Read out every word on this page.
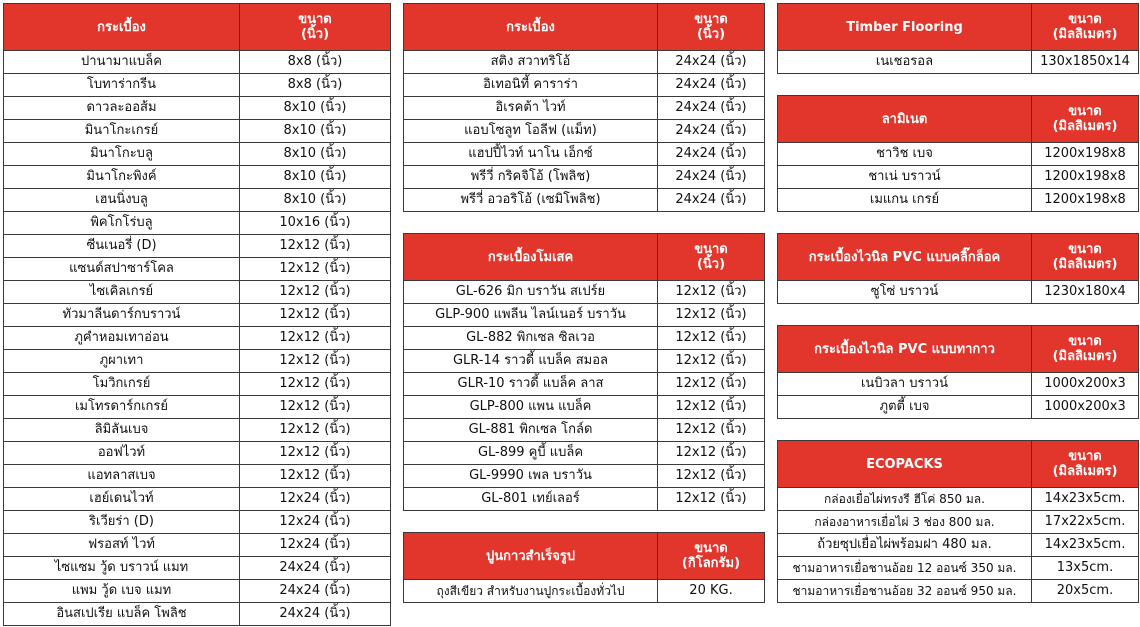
กระเบื้อง	ขนาด
(นิ้ว)
ปานามาแบล็ค	8x8 (นิ้ว)
โบทาร่ากรีน	8x8 (นิ้ว)
ดาวละออส้ม	8x10 (นิ้ว)
มินาโกะเกรย์	8x10 (นิ้ว)
มินาโกะบลู	8x10 (นิ้ว)
มินาโกะพิงค์	8x10 (นิ้ว)
เฮนนิ่งบลู	8x10 (นิ้ว)
พิคโกโร่บลู	10x16 (นิ้ว)
ซีนเนอรี่ (D)	12x12 (นิ้ว)
แซนด์สปาซาร์โคล	12x12 (นิ้ว)
ไซเคิลเกรย์	12x12 (นิ้ว)
ทัวมาลีนดาร์กบราวน์	12x12 (นิ้ว)
ภูคำหอมเทาอ่อน	12x12 (นิ้ว)
ภูผาเทา	12x12 (นิ้ว)
โมวิกเกรย์	12x12 (นิ้ว)
เมโทรดาร์กเกรย์	12x12 (นิ้ว)
ลิมิลันเบจ	12x12 (นิ้ว)
ออฟไวท์	12x12 (นิ้ว)
แอทลาสเบจ	12x12 (นิ้ว)
เฮย์เดนไวท์	12x24 (นิ้ว)
ริเวียร่า (D)	12x24 (นิ้ว)
ฟรอสท์ ไวท์	12x24 (นิ้ว)
ไซแซม วู้ด บราวน์ แมท	24x24 (นิ้ว)
แพม วู้ด เบจ แมท	24x24 (นิ้ว)
อินสเปเรีย แบล็ค โพลิช	24x24 (นิ้ว)
กระเบื้อง	ขนาด
(นิ้ว)
สติง สวาทริโอ้	24x24 (นิ้ว)
อิเทอนิที้ คาราร่า	24x24 (นิ้ว)
อิเรคต้า ไวท์	24x24 (นิ้ว)
แอบโซลูท โอลีฟ (แม็ท)	24x24 (นิ้ว)
แฮปปี้ไวท์ นาโน เอ็กซ์	24x24 (นิ้ว)
พรีวี่ กริคจิโอ้ (โพลิช)	24x24 (นิ้ว)
พรีวี่ อวอริโอ้ (เซมิโพลิช)	24x24 (นิ้ว)
กระเบื้องโมเสค	ขนาด
(นิ้ว)
GL-626 มิก บราวัน สเปร์ย	12x12 (นิ้ว)
GLP-900 แพลีน ไลน์เนอร์ บราวัน	12x12 (นิ้ว)
GL-882 พิกเซล ซิลเวอ	12x12 (นิ้ว)
GLR-14 ราวดี้ แบล็ค สมอล	12x12 (นิ้ว)
GLR-10 ราวดี้ แบล็ค ลาส	12x12 (นิ้ว)
GLP-800 แพน แบล็ค	12x12 (นิ้ว)
GL-881 พิกเซล โกล์ด	12x12 (นิ้ว)
GL-899 คูบี้ แบล็ค	12x12 (นิ้ว)
GL-9990 เพล บราวัน	12x12 (นิ้ว)
GL-801 เทย์เลอร์	12x12 (นิ้ว)
ปูนกาวสำเร็จรูป	ขนาด
(กิโลกรัม)
ถุงสีเขียว สำหรับงานปูกระเบื้องทั่วไป	20 KG.
Timber Flooring	ขนาด
(มิลลิเมตร)
เนเชอรอล	130x1850x14
ลามิเนต	ขนาด
(มิลลิเมตร)
ชาวิช เบจ	1200x198x8
ชาเน่ บราวน์	1200x198x8
เมแกน เกรย์	1200x198x8
กระเบื้องไวนิล PVC แบบคลิ๊กล็อค	ขนาด
(มิลลิเมตร)
ซูโซ่ บราวน์	1230x180x4
กระเบื้องไวนิล PVC แบบทากาว	ขนาด
(มิลลิเมตร)
เนบิวลา บราวน์	1000x200x3
ภูตตี้ เบจ	1000x200x3
ECOPACKS	ขนาด
(มิลลิเมตร)
กล่องเยื่อไผ่ทรงรี ฮีโค่ 850 มล.	14x23x5cm.
กล่องอาหารเยื่อไผ่ 3 ช่อง 800 มล.	17x22x5cm.
ถ้วยซุปเยื่อไผ่พร้อมฝา 480 มล.	14x23x5cm.
ชามอาหารเยื่อชานอ้อย 12 ออนซ์ 350 มล.	13x5cm.
ชามอาหารเยื่อชานอ้อย 32 ออนซ์ 950 มล.	20x5cm.
